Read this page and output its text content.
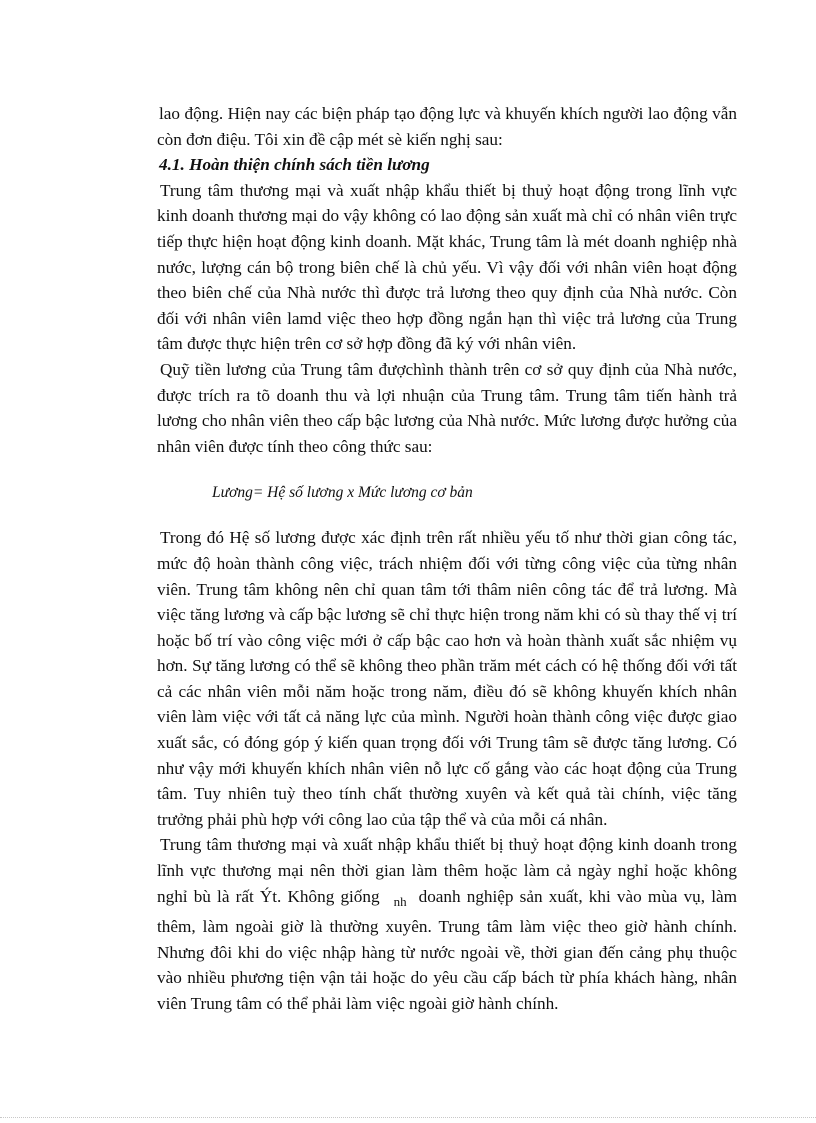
lao động. Hiện nay các biện pháp tạo động lực và khuyến khích người lao động vẫn còn đơn điệu. Tôi xin đề cập mét sè kiến nghị sau:

4.1. Hoàn thiện chính sách tiền lương

Trung tâm thương mại và xuất nhập khẩu thiết bị thuỷ hoạt động trong lĩnh vực kinh doanh thương mại do vậy không có lao động sản xuất mà chỉ có nhân viên trực tiếp thực hiện hoạt động kinh doanh. Mặt khác, Trung tâm là mét doanh nghiệp nhà nước, lượng cán bộ trong biên chế là chủ yếu. Vì vậy đối với nhân viên hoạt động theo biên chế của Nhà nước thì được trả lương theo quy định của Nhà nước. Còn đối với nhân viên lamd việc theo hợp đồng ngắn hạn thì việc trả lương của Trung tâm được thực hiện trên cơ sở hợp đồng đã ký với nhân viên.

Quỹ tiền lương của Trung tâm đượchình thành trên cơ sở quy định của Nhà nước, được trích ra tõ doanh thu và lợi nhuận của Trung tâm. Trung tâm tiến hành trả lương cho nhân viên theo cấp bậc lương của Nhà nước. Mức lương được hưởng của nhân viên được tính theo công thức sau:

Lương= Hệ số lương x Mức lương cơ bản

Trong đó Hệ số lương được xác định trên rất nhiều yếu tố như thời gian công tác, mức độ hoàn thành công việc, trách nhiệm đối với từng công việc của từng nhân viên. Trung tâm không nên chỉ quan tâm tới thâm niên công tác để trả lương. Mà việc tăng lương và cấp bậc lương sẽ chỉ thực hiện trong năm khi có sù thay thế vị trí hoặc bố trí vào công việc mới ở cấp bậc cao hơn và hoàn thành xuất sắc nhiệm vụ hơn. Sự tăng lương có thể sẽ không theo phần trăm mét cách có hệ thống đối với tất cả các nhân viên mỗi năm hoặc trong năm, điều đó sẽ không khuyến khích nhân viên làm việc với tất cả năng lực của mình. Người hoàn thành công việc được giao xuất sắc, có đóng góp ý kiến quan trọng đối với Trung tâm sẽ được tăng lương. Có như vậy mới khuyến khích nhân viên nỗ lực cố gắng vào các hoạt động của Trung tâm. Tuy nhiên tuỳ theo tính chất thường xuyên và kết quả tài chính, việc tăng trưởng phải phù hợp với công lao của tập thể và của mỗi cá nhân.

Trung tâm thương mại và xuất nhập khẩu thiết bị thuỷ hoạt động kinh doanh trong lĩnh vực thương mại nên thời gian làm thêm hoặc làm cả ngày nghỉ hoặc không nghỉ bù là rất Ýt. Không giống $_{nh}$ doanh nghiệp sản xuất, khi vào mùa vụ, làm thêm, làm ngoài giờ là thường xuyên. Trung tâm làm việc theo giờ hành chính. Nhưng đôi khi do việc nhập hàng từ nước ngoài về, thời gian đến cảng phụ thuộc vào nhiều phương tiện vận tải hoặc do yêu cầu cấp bách từ phía khách hàng, nhân viên Trung tâm có thể phải làm việc ngoài giờ hành chính.
